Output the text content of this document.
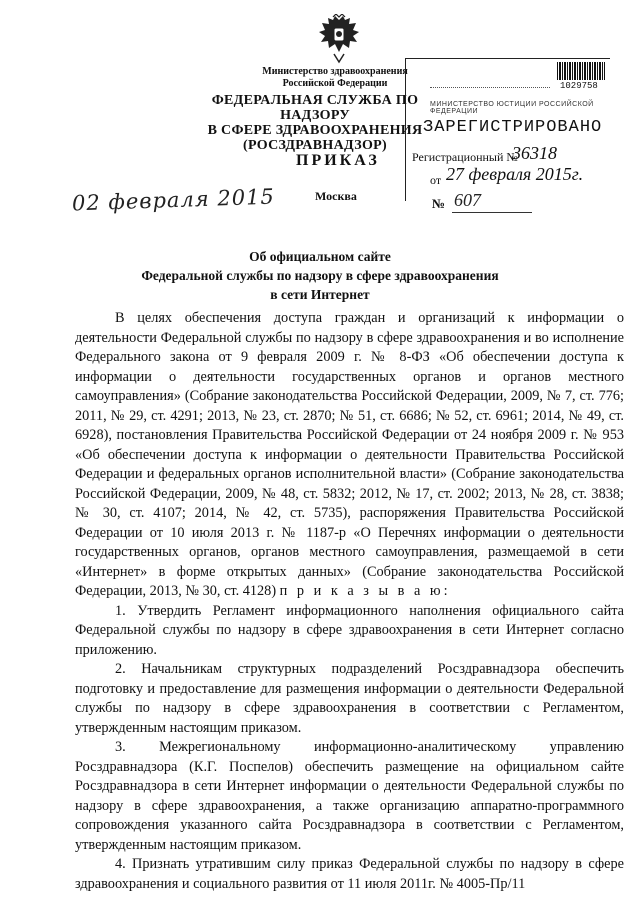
Министерство здравоохранения
Российской Федерации
ФЕДЕРАЛЬНАЯ СЛУЖБА ПО НАДЗОРУ
В СФЕРЕ ЗДРАВООХРАНЕНИЯ
(РОСЗДРАВНАДЗОР)
ПРИКАЗ
Москва
02 февраля 2015	№ 607
1029758
МИНИСТЕРСТВО ЮСТИЦИИ РОССИЙСКОЙ ФЕДЕРАЦИИ
ЗАРЕГИСТРИРОВАНО
Регистрационный №
36318
от 27 февраля 2015г.
Об официальном сайте
Федеральной службы по надзору в сфере здравоохранения
в сети Интернет

В целях обеспечения доступа граждан и организаций к информации о деятельности Федеральной службы по надзору в сфере здравоохранения и во исполнение Федерального закона от 9 февраля 2009 г. № 8-ФЗ «Об обеспечении доступа к информации о деятельности государственных органов и органов местного самоуправления» (Собрание законодательства Российской Федерации, 2009, № 7, ст. 776; 2011, № 29, ст. 4291; 2013, № 23, ст. 2870; № 51, ст. 6686; № 52, ст. 6961; 2014, № 49, ст. 6928), постановления Правительства Российской Федерации от 24 ноября 2009 г. № 953 «Об обеспечении доступа к информации о деятельности Правительства Российской Федерации и федеральных органов исполнительной власти» (Собрание законодательства Российской Федерации, 2009, № 48, ст. 5832; 2012, № 17, ст. 2002; 2013, № 28, ст. 3838; № 30, ст. 4107; 2014, № 42, ст. 5735), распоряжения Правительства Российской Федерации от 10 июля 2013 г. № 1187-р «О Перечнях информации о деятельности государственных органов, органов местного самоуправления, размещаемой в сети «Интернет» в форме открытых данных» (Собрание законодательства Российской Федерации, 2013, № 30, ст. 4128) п р и к а з ы в а ю:

1. Утвердить Регламент информационного наполнения официального сайта Федеральной службы по надзору в сфере здравоохранения в сети Интернет согласно приложению.

2. Начальникам структурных подразделений Росздравнадзора обеспечить подготовку и предоставление для размещения информации о деятельности Федеральной службы по надзору в сфере здравоохранения в соответствии с Регламентом, утвержденным настоящим приказом.

3. Межрегиональному информационно-аналитическому управлению Росздравнадзора (К.Г. Поспелов) обеспечить размещение на официальном сайте Росздравнадзора в сети Интернет информации о деятельности Федеральной службы по надзору в сфере здравоохранения, а также организацию аппаратно-программного сопровождения указанного сайта Росздравнадзора в соответствии с Регламентом, утвержденным настоящим приказом.

4. Признать утратившим силу приказ Федеральной службы по надзору в сфере здравоохранения и социального развития от 11 июля 2011г. № 4005-Пр/11
